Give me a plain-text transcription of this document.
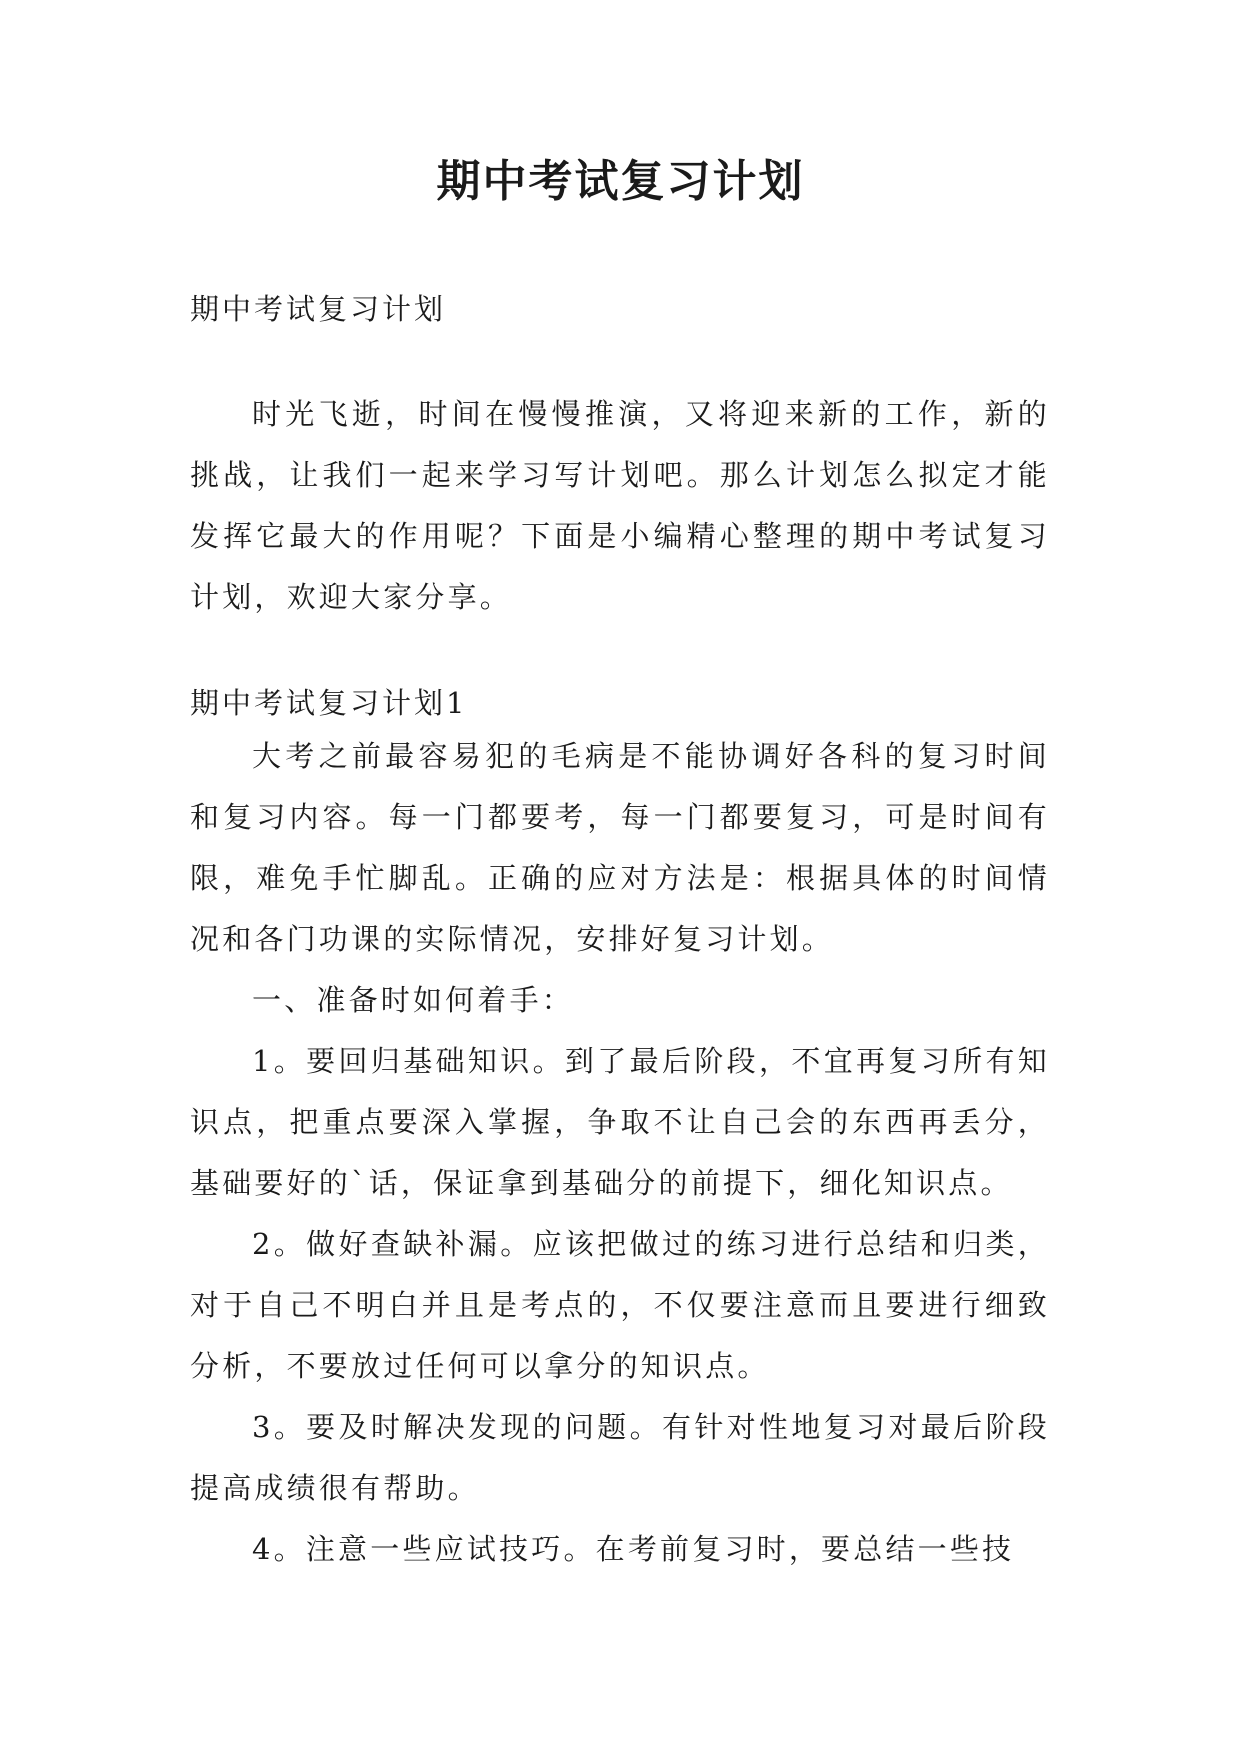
期中考试复习计划
期中考试复习计划

时光飞逝，时间在慢慢推演，又将迎来新的工作，新的挑战，让我们一起来学习写计划吧。那么计划怎么拟定才能发挥它最大的作用呢？下面是小编精心整理的期中考试复习计划，欢迎大家分享。

期中考试复习计划1

大考之前最容易犯的毛病是不能协调好各科的复习时间和复习内容。每一门都要考，每一门都要复习，可是时间有限，难免手忙脚乱。正确的应对方法是：根据具体的时间情况和各门功课的实际情况，安排好复习计划。

一、准备时如何着手：

1。要回归基础知识。到了最后阶段，不宜再复习所有知识点，把重点要深入掌握，争取不让自己会的东西再丢分，基础要好的`话，保证拿到基础分的前提下，细化知识点。

2。做好查缺补漏。应该把做过的练习进行总结和归类，对于自己不明白并且是考点的，不仅要注意而且要进行细致分析，不要放过任何可以拿分的知识点。

3。要及时解决发现的问题。有针对性地复习对最后阶段提高成绩很有帮助。

4。注意一些应试技巧。在考前复习时，要总结一些技
